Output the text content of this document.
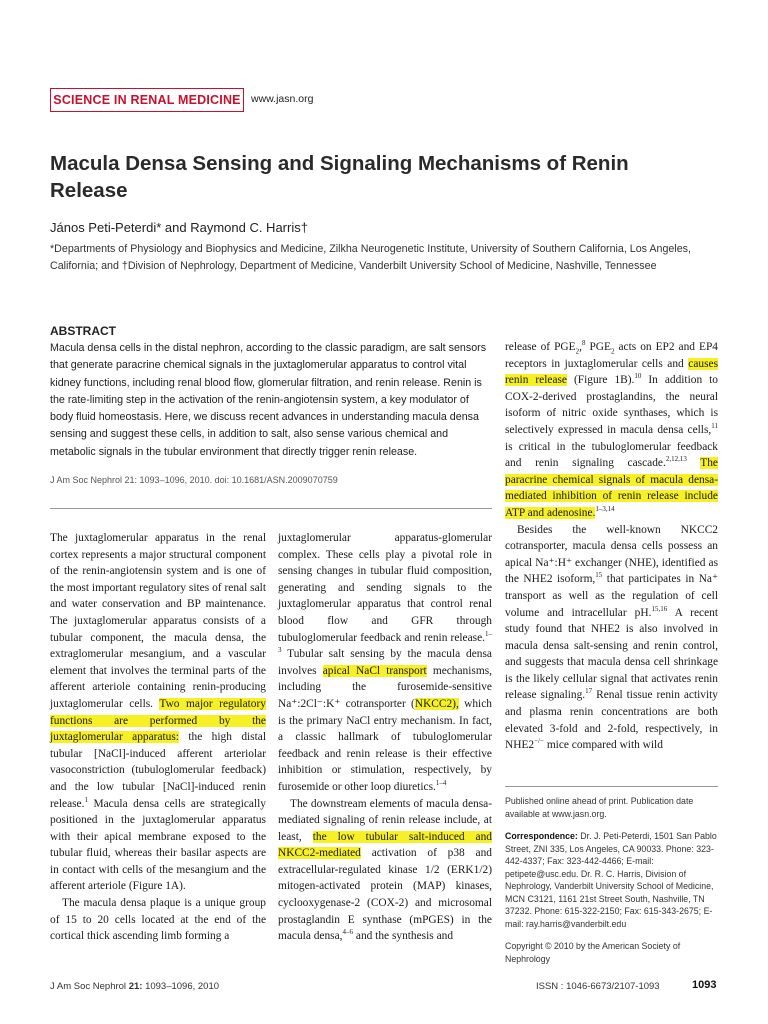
SCIENCE IN RENAL MEDICINE www.jasn.org
Macula Densa Sensing and Signaling Mechanisms of Renin Release
János Peti-Peterdi* and Raymond C. Harris†
*Departments of Physiology and Biophysics and Medicine, Zilkha Neurogenetic Institute, University of Southern California, Los Angeles, California; and †Division of Nephrology, Department of Medicine, Vanderbilt University School of Medicine, Nashville, Tennessee
ABSTRACT
Macula densa cells in the distal nephron, according to the classic paradigm, are salt sensors that generate paracrine chemical signals in the juxtaglomerular apparatus to control vital kidney functions, including renal blood flow, glomerular filtration, and renin release. Renin is the rate-limiting step in the activation of the renin-angiotensin system, a key modulator of body fluid homeostasis. Here, we discuss recent advances in understanding macula densa sensing and suggest these cells, in addition to salt, also sense various chemical and metabolic signals in the tubular environment that directly trigger renin release.
J Am Soc Nephrol 21: 1093–1096, 2010. doi: 10.1681/ASN.2009070759

The juxtaglomerular apparatus in the renal cortex represents a major structural component of the renin-angiotensin system and is one of the most important regulatory sites of renal salt and water conservation and BP maintenance. The juxtaglomerular apparatus consists of a tubular component, the macula densa, the extraglomerular mesangium, and a vascular element that involves the terminal parts of the afferent arteriole containing renin-producing juxtaglomerular cells. Two major regulatory functions are performed by the juxtaglomerular apparatus: the high distal tubular [NaCl]-induced afferent arteriolar vasoconstriction (tubuloglomerular feedback) and the low tubular [NaCl]-induced renin release.$^1$ Macula densa cells are strategically positioned in the juxtaglomerular apparatus with their apical membrane exposed to the tubular fluid, whereas their basilar aspects are in contact with cells of the mesangium and the afferent arteriole (Figure 1A).

The macula densa plaque is a unique group of 15 to 20 cells located at the end of the cortical thick ascending limb forming a

juxtaglomerular apparatus-glomerular complex. These cells play a pivotal role in sensing changes in tubular fluid composition, generating and sending signals to the juxtaglomerular apparatus that control renal blood flow and GFR through tubuloglomerular feedback and renin release.$^{1-3}$ Tubular salt sensing by the macula densa involves apical NaCl transport mechanisms, including the furosemide-sensitive Na⁺:2Cl⁻:K⁺ cotransporter (NKCC2), which is the primary NaCl entry mechanism. In fact, a classic hallmark of tubuloglomerular feedback and renin release is their effective inhibition or stimulation, respectively, by furosemide or other loop diuretics.$^{1-4}$

The downstream elements of macula densa-mediated signaling of renin release include, at least, the low tubular salt-induced and NKCC2-mediated activation of p38 and extracellular-regulated kinase 1/2 (ERK1/2) mitogen-activated protein (MAP) kinases, cyclooxygenase-2 (COX-2) and microsomal prostaglandin E synthase (mPGES) in the macula densa,$^{4-6}$ and the synthesis and

release of $PGE_2,^8$ $PGE_2$ acts on EP2 and EP4 receptors in juxtaglomerular cells and causes renin release (Figure 1B).$^{10}$ In addition to COX-2-derived prostaglandins, the neural isoform of nitric oxide synthases, which is selectively expressed in macula densa cells,$^{11}$ is critical in the tubuloglomerular feedback and renin signaling cascade.$^{2,12,13}$ The paracrine chemical signals of macula densa-mediated inhibition of renin release include ATP and adenosine.$^{1-3,14}$

Besides the well-known NKCC2 cotransporter, macula densa cells possess an apical Na⁺:H⁺ exchanger (NHE), identified as the NHE2 isoform,$^{15}$ that participates in Na⁺ transport as well as the regulation of cell volume and intracellular pH.$^{15,16}$ A recent study found that NHE2 is also involved in macula densa salt-sensing and renin control, and suggests that macula densa cell shrinkage is the likely cellular signal that activates renin release signaling.$^{17}$ Renal tissue renin activity and plasma renin concentrations are both elevated 3-fold and 2-fold, respectively, in NHE2−/− mice compared with wild

Published online ahead of print. Publication date available at www.jasn.org.

Correspondence: Dr. J. Peti-Peterdi, 1501 San Pablo Street, ZNI 335, Los Angeles, CA 90033. Phone: 323-442-4337; Fax: 323-442-4466; E-mail: petipete@usc.edu. Dr. R. C. Harris, Division of Nephrology, Vanderbilt University School of Medicine, MCN C3121, 1161 21st Street South, Nashville, TN 37232. Phone: 615-322-2150; Fax: 615-343-2675; E-mail: ray.harris@vanderbilt.edu

Copyright © 2010 by the American Society of Nephrology

J Am Soc Nephrol 21: 1093–1096, 2010	ISSN : 1046-6673/2107-1093	1093
